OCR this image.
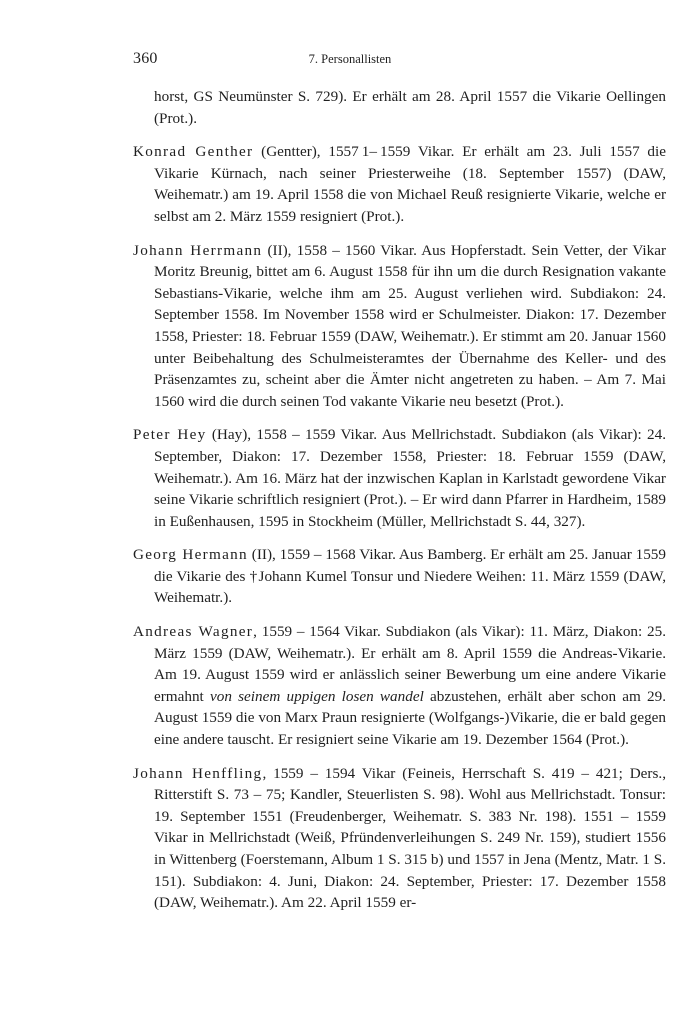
360	7. Personallisten

horst, GS Neumünster S. 729). Er erhält am 28. April 1557 die Vikarie Oellingen (Prot.).

Konrad Genther (Gentter), 1557 1– 1559 Vikar. Er erhält am 23. Juli 1557 die Vikarie Kürnach, nach seiner Priesterweihe (18. September 1557) (DAW, Weihematr.) am 19. April 1558 die von Michael Reuß resignierte Vikarie, welche er selbst am 2. März 1559 resigniert (Prot.).

Johann Herrmann (II), 1558 – 1560 Vikar. Aus Hopferstadt. Sein Vetter, der Vikar Moritz Breunig, bittet am 6. August 1558 für ihn um die durch Resignation vakante Sebastians-Vikarie, welche ihm am 25. August verliehen wird. Subdiakon: 24. September 1558. Im November 1558 wird er Schulmeister. Diakon: 17. Dezember 1558, Priester: 18. Februar 1559 (DAW, Weihematr.). Er stimmt am 20. Januar 1560 unter Beibehaltung des Schulmeisteramtes der Übernahme des Keller- und des Präsenzamtes zu, scheint aber die Ämter nicht angetreten zu haben. – Am 7. Mai 1560 wird die durch seinen Tod vakante Vikarie neu besetzt (Prot.).

Peter Hey (Hay), 1558 – 1559 Vikar. Aus Mellrichstadt. Subdiakon (als Vikar): 24. September, Diakon: 17. Dezember 1558, Priester: 18. Februar 1559 (DAW, Weihematr.). Am 16. März hat der inzwischen Kaplan in Karlstadt gewordene Vikar seine Vikarie schriftlich resigniert (Prot.). – Er wird dann Pfarrer in Hardheim, 1589 in Eußenhausen, 1595 in Stockheim (Müller, Mellrichstadt S. 44, 327).

Georg Hermann (II), 1559 – 1568 Vikar. Aus Bamberg. Er erhält am 25. Januar 1559 die Vikarie des †Johann Kumel Tonsur und Niedere Weihen: 11. März 1559 (DAW, Weihematr.).

Andreas Wagner, 1559 – 1564 Vikar. Subdiakon (als Vikar): 11. März, Diakon: 25. März 1559 (DAW, Weihematr.). Er erhält am 8. April 1559 die Andreas-Vikarie. Am 19. August 1559 wird er anlässlich seiner Bewerbung um eine andere Vikarie ermahnt von seinem uppigen losen wandel abzustehen, erhält aber schon am 29. August 1559 die von Marx Praun resignierte (Wolfgangs-)Vikarie, die er bald gegen eine andere tauscht. Er resigniert seine Vikarie am 19. Dezember 1564 (Prot.).

Johann Henffling, 1559 – 1594 Vikar (Feineis, Herrschaft S. 419 – 421; Ders., Ritterstift S. 73 – 75; Kandler, Steuerlisten S. 98). Wohl aus Mellrichstadt. Tonsur: 19. September 1551 (Freudenberger, Weihematr. S. 383 Nr. 198). 1551 – 1559 Vikar in Mellrichstadt (Weiß, Pfründenverleihungen S. 249 Nr. 159), studiert 1556 in Wittenberg (Foerstemann, Album 1 S. 315 b) und 1557 in Jena (Mentz, Matr. 1 S. 151). Subdiakon: 4. Juni, Diakon: 24. September, Priester: 17. Dezember 1558 (DAW, Weihematr.). Am 22. April 1559 er-
